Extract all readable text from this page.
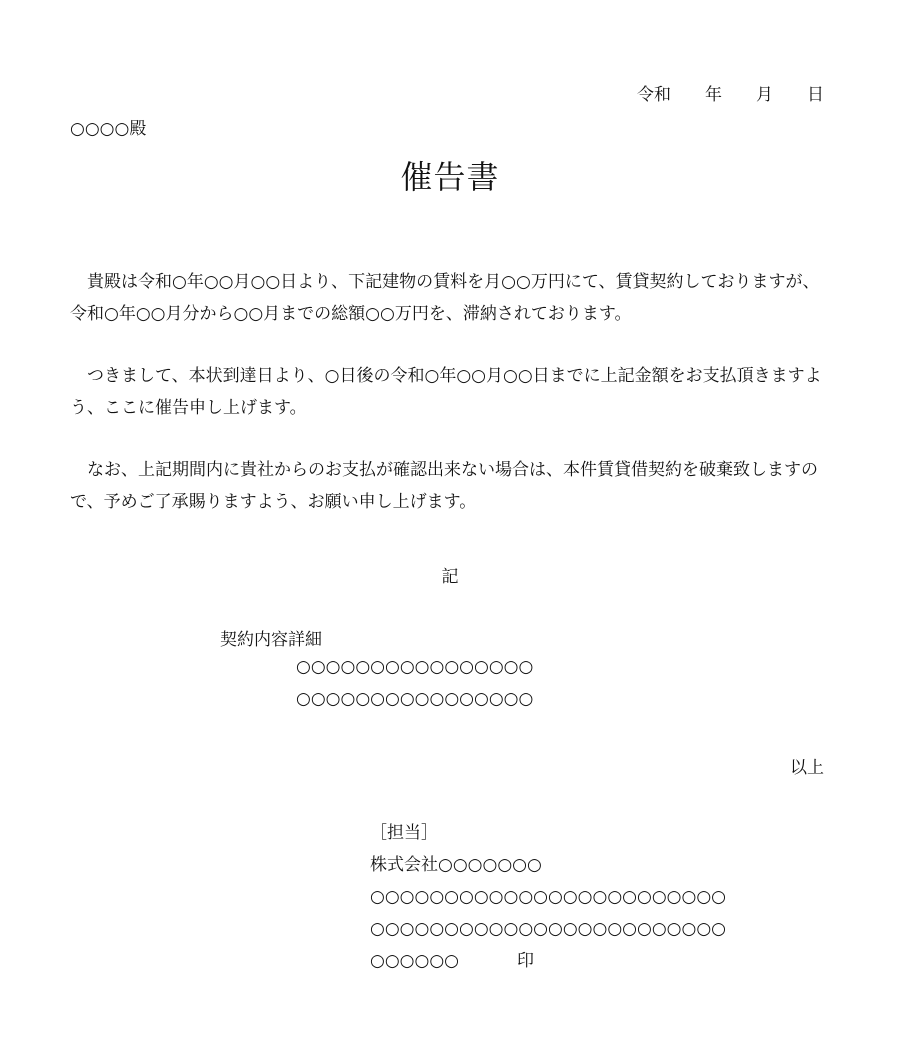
令和　　年　　月　　日
○○○○殿
催告書

貴殿は令和○年○○月○○日より、下記建物の賃料を月○○万円にて、賃貸契約しておりますが、令和○年○○月分から○○月までの総額○○万円を、滞納されております。

つきまして、本状到達日より、○日後の令和○年○○月○○日までに上記金額をお支払頂きますよう、ここに催告申し上げます。

なお、上記期間内に貴社からのお支払が確認出来ない場合は、本件賃貸借契約を破棄致しますので、予めご了承賜りますよう、お願い申し上げます。

記
契約内容詳細
○○○○○○○○○○○○○○○○
○○○○○○○○○○○○○○○○
以上
［担当］
株式会社○○○○○○○
○○○○○○○○○○○○○○○○○○○○○○○○
○○○○○○○○○○○○○○○○○○○○○○○○
○○○○○○	印
